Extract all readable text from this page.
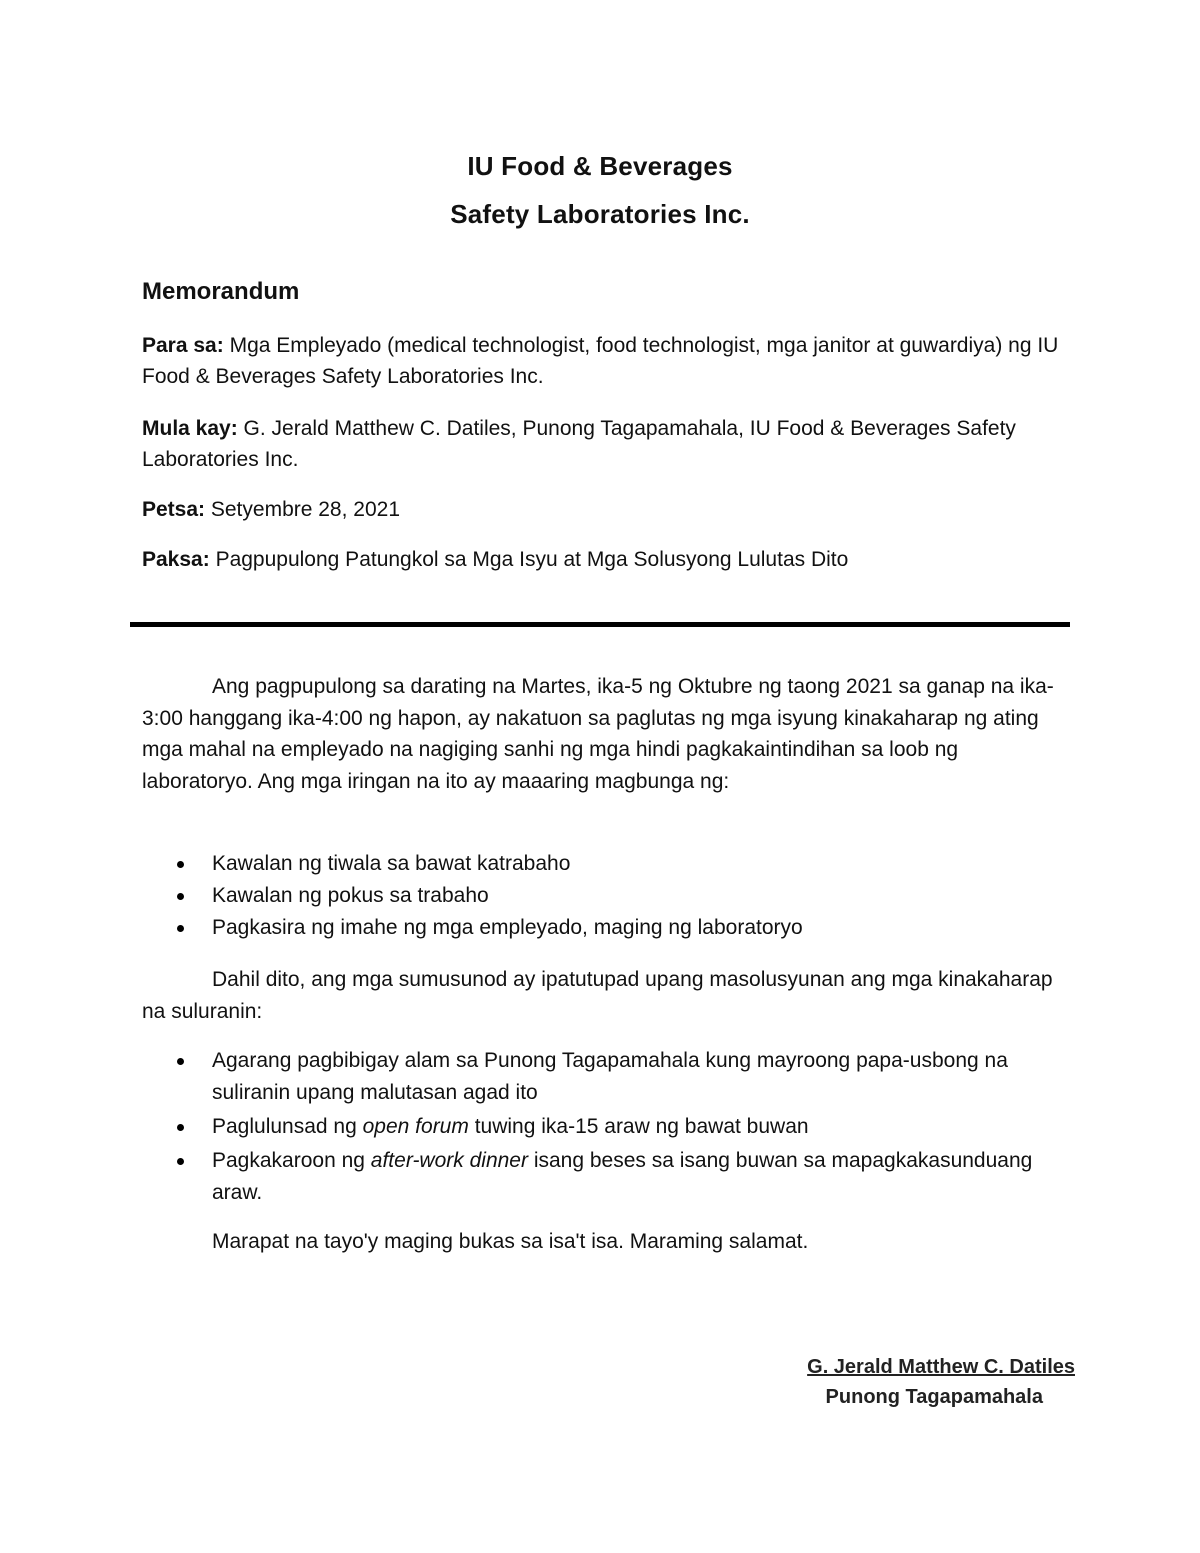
IU Food & Beverages
Safety Laboratories Inc.
Memorandum
Para sa: Mga Empleyado (medical technologist, food technologist, mga janitor at guwardiya) ng IU Food & Beverages Safety Laboratories Inc.
Mula kay: G. Jerald Matthew C. Datiles, Punong Tagapamahala, IU Food & Beverages Safety Laboratories Inc.
Petsa: Setyembre 28, 2021
Paksa: Pagpupulong Patungkol sa Mga Isyu at Mga Solusyong Lulutas Dito

Ang pagpupulong sa darating na Martes, ika-5 ng Oktubre ng taong 2021 sa ganap na ika-3:00 hanggang ika-4:00 ng hapon, ay nakatuon sa paglutas ng mga isyung kinakaharap ng ating mga mahal na empleyado na nagiging sanhi ng mga hindi pagkakaintindihan sa loob ng laboratoryo. Ang mga iringan na ito ay maaaring magbunga ng:

Kawalan ng tiwala sa bawat katrabaho
Kawalan ng pokus sa trabaho
Pagkasira ng imahe ng mga empleyado, maging ng laboratoryo

Dahil dito, ang mga sumusunod ay ipatutupad upang masolusyunan ang mga kinakaharap na suluranin:

Agarang pagbibigay alam sa Punong Tagapamahala kung mayroong papa-usbong na suliranin upang malutasan agad ito
Paglulunsad ng open forum tuwing ika-15 araw ng bawat buwan
Pagkakaroon ng after-work dinner isang beses sa isang buwan sa mapagkakasunduang araw.

Marapat na tayo'y maging bukas sa isa't isa. Maraming salamat.

G. Jerald Matthew C. Datiles
Punong Tagapamahala
